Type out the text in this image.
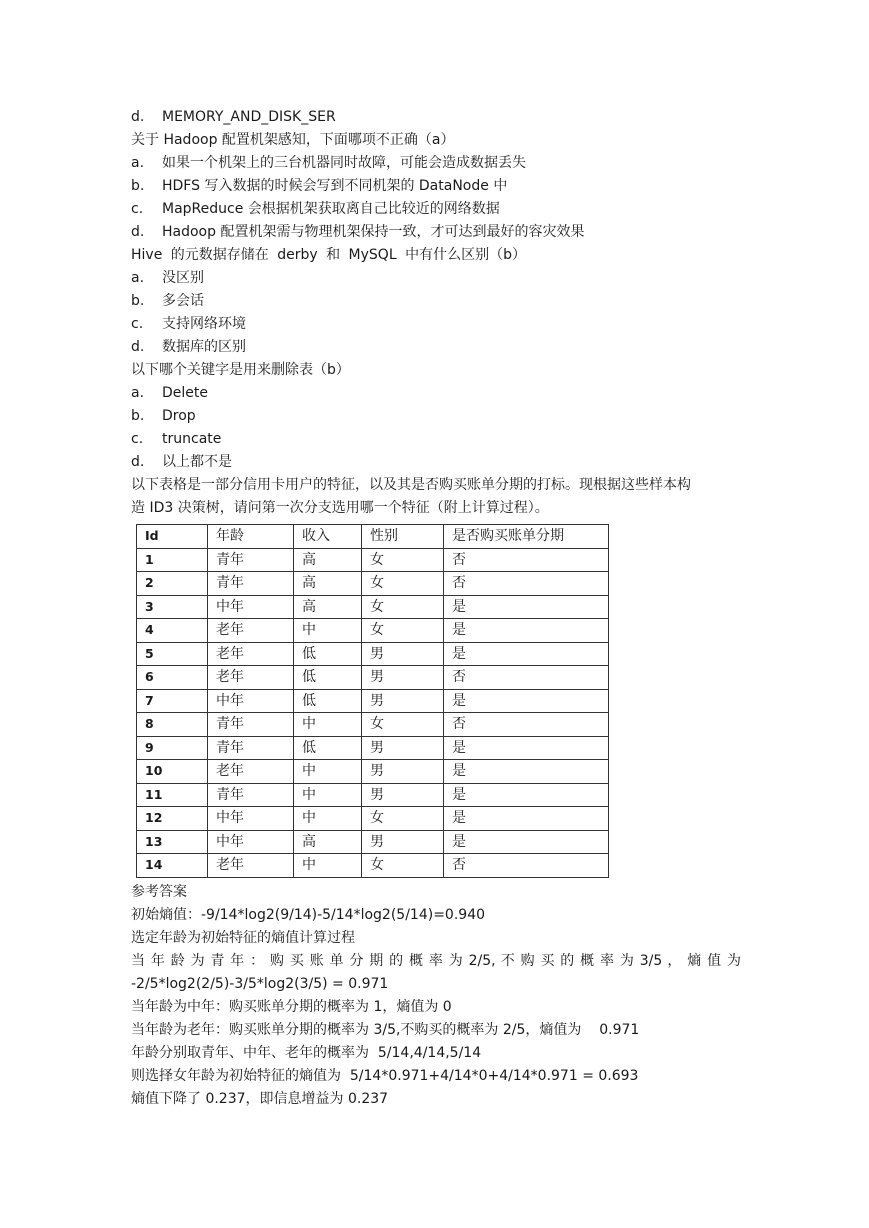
d.	MEMORY_AND_DISK_SER
关于 Hadoop 配置机架感知，下面哪项不正确（a）
a.	如果一个机架上的三台机器同时故障，可能会造成数据丢失
b.	HDFS 写入数据的时候会写到不同机架的 DataNode 中
c.	MapReduce 会根据机架获取离自己比较近的网络数据
d.	Hadoop 配置机架需与物理机架保持一致，才可达到最好的容灾效果
Hive 的元数据存储在 derby 和 MySQL 中有什么区别（b）
a.	没区别
b.	多会话
c.	支持网络环境
d.	数据库的区别
以下哪个关键字是用来删除表（b）
a.	Delete
b.	Drop
c.	truncate
d.	以上都不是
以下表格是一部分信用卡用户的特征，以及其是否购买账单分期的打标。现根据这些样本构
造 ID3 决策树，请问第一次分支选用哪一个特征（附上计算过程）。
Id	年龄	收入	性别	是否购买账单分期
1	青年	高	女	否
2	青年	高	女	否
3	中年	高	女	是
4	老年	中	女	是
5	老年	低	男	是
6	老年	低	男	否
7	中年	低	男	是
8	青年	中	女	否
9	青年	低	男	是
10	老年	中	男	是
11	青年	中	男	是
12	中年	中	女	是
13	中年	高	男	是
14	老年	中	女	否
参考答案
初始熵值：-9/14*log2(9/14)-5/14*log2(5/14)=0.940
选定年龄为初始特征的熵值计算过程
当 年 龄 为 青 年 ： 购 买 账 单 分 期 的 概 率 为 2/5, 不 购 买 的 概 率 为 3/5 ， 熵 值 为
-2/5*log2(2/5)-3/5*log2(3/5) = 0.971
当年龄为中年：购买账单分期的概率为 1，熵值为 0
当年龄为老年：购买账单分期的概率为 3/5,不购买的概率为 2/5，熵值为    0.971
年龄分别取青年、中年、老年的概率为  5/14,4/14,5/14
则选择女年龄为初始特征的熵值为  5/14*0.971+4/14*0+4/14*0.971 = 0.693
熵值下降了 0.237，即信息增益为 0.237
